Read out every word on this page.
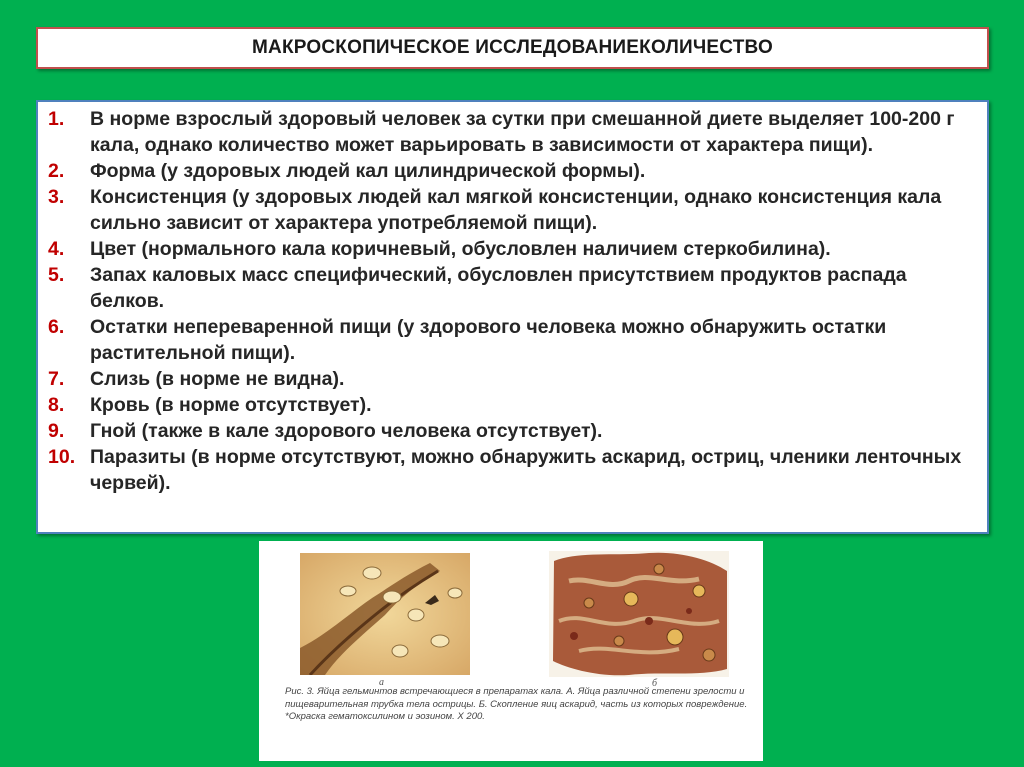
МАКРОСКОПИЧЕСКОЕ ИССЛЕДОВАНИЕКОЛИЧЕСТВО
1.	В норме взрослый здоровый человек за сутки при смешанной диете выделяет 100-200 г кала, однако количество может варьировать в зависимости от характера пищи).
2.	Форма (у здоровых людей кал цилиндрической формы).
3.	Консистенция (у здоровых людей кал мягкой консистенции, однако консистенция кала сильно зависит от характера употребляемой пищи).
4.	Цвет (нормального кала коричневый, обусловлен наличием стеркобилина).
5.	Запах каловых масс специфический, обусловлен присутствием продуктов распада белков.
6.	Остатки непереваренной пищи (у здорового человека можно обнаружить остатки растительной пищи).
7.	Слизь (в норме не видна).
8.	Кровь (в норме отсутствует).
9.	Гной (также в кале здорового человека отсутствует).
10. Паразиты (в норме отсутствуют, можно обнаружить аскарид, остриц, членики ленточных червей).
а	б

Рис. 3. Яйца гельминтов встречающиеся в препаратах кала. А. Яйца различной степени зрелости и пищеварительная трубка тела острицы. Б. Скопление яиц аскарид, часть из которых повреждение.

*Окраска гематоксилином и эозином. Х 200.
